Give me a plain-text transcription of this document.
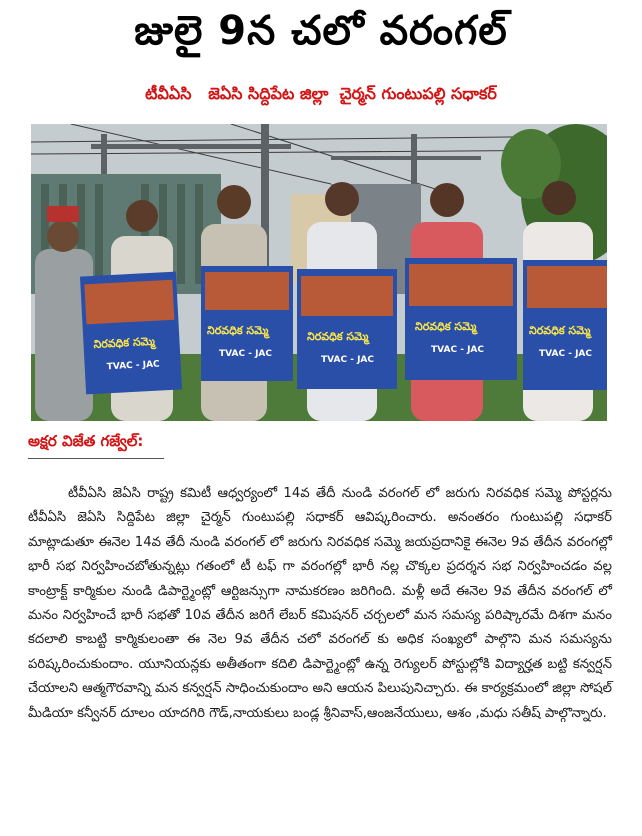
జులై 9న చలో వరంగల్
టీవీఏసి   జెఏసి సిద్దిపేట జిల్లా  చైర్మన్ గుంటుపల్లి సధాకర్
నిరవధిక సమ్మె
TVAC - JAC
నిరవధిక సమ్మె
TVAC - JAC
నిరవధిక సమ్మె
TVAC - JAC
నిరవధిక సమ్మె
TVAC - JAC
నిరవధిక సమ్మె
TVAC - JAC
అక్షర విజేత గజ్వేల్:

టీవీఏసి జెఏసి రాష్ట్ర కమిటీ ఆధ్వర్యంలో 14వ తేదీ నుండి వరంగల్ లో జరుగు నిరవధిక సమ్మె పోస్టర్లను టీవీఏసి జెఏసి సిద్దిపేట జిల్లా చైర్మన్ గుంటుపల్లి సధాకర్ ఆవిష్కరించారు. అనంతరం గుంటుపల్లి సధాకర్ మాట్లాడుతూ ఈనెల 14వ తేదీ నుండి వరంగల్ లో జరుగు నిరవధిక సమ్మె జయప్రదానికై ఈనెల 9వ తేదీన వరంగల్లో భారీ సభ నిర్వహించబోతున్నట్లు గతంలో టీ టఫ్ గా వరంగల్లో భారీ నల్ల చొక్కల ప్రదర్శన సభ నిర్వహించడం వల్ల కాంట్రాక్ట్ కార్మికుల నుండి డిపార్ట్మెంట్లో ఆర్టిజన్సుగా నామకరణం జరిగింది. మళ్లీ అదే ఈనెల 9వ తేదీన వరంగల్ లో మనం నిర్వహించే భారీ సభతో 10వ తేదీన జరిగే లేబర్ కమిషనర్ చర్చలలో మన సమస్య పరిష్కారమే దిశగా మనం కదలాలి కాబట్టి కార్మికులంతా ఈ నెల 9వ తేదీన చలో వరంగల్ కు అధిక సంఖ్యలో పాల్గొని మన సమస్యను పరిష్కరించుకుందాం. యూనియన్లకు అతీతంగా కదిలి డిపార్ట్మెంట్లో ఉన్న రెగ్యులర్ పోస్టుల్లోకి విద్యార్హత బట్టి కన్వర్షన్ చేయాలని ఆత్మగౌరవాన్ని మన కన్వర్షన్ సాధించుకుందాం అని ఆయన పిలుపునిచ్చారు. ఈ కార్యక్రమంలో జిల్లా సోషల్ మీడియా కన్వీనర్ దూలం యాదగిరి గౌడ్,నాయకులు బండ్ల శ్రీనివాస్,ఆంజనేయులు, ఆశం ,మధు సతీష్ పాల్గొన్నారు.
